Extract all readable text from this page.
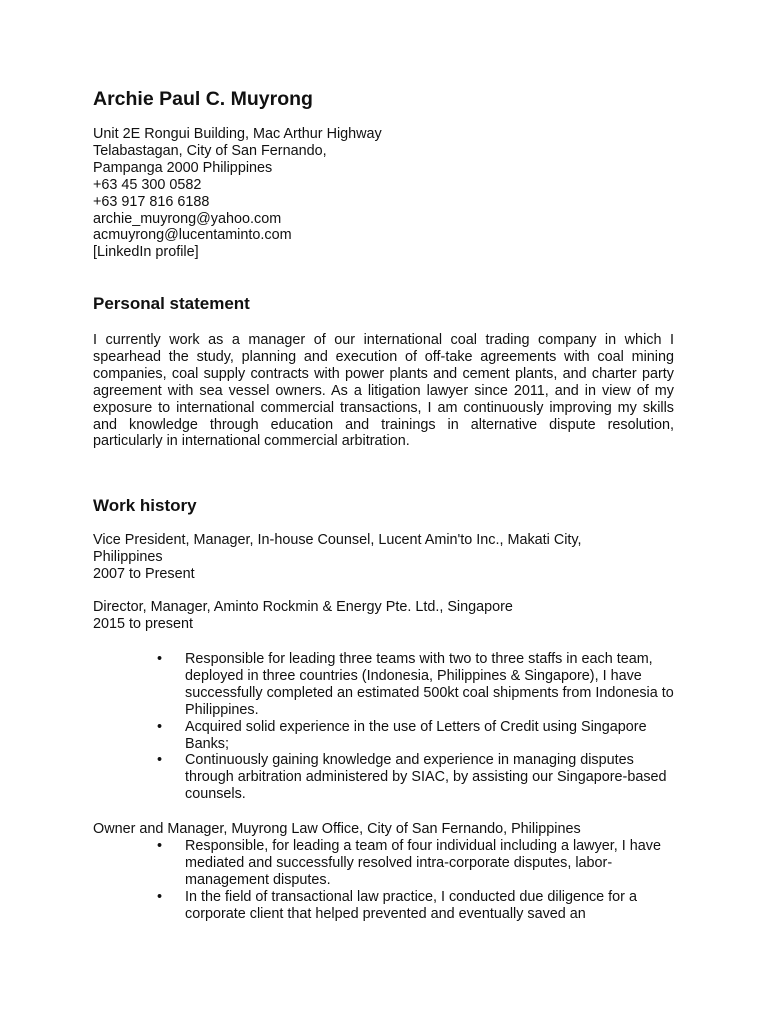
Archie Paul C. Muyrong
Unit 2E Rongui Building, Mac Arthur Highway
Telabastagan, City of San Fernando,
Pampanga 2000 Philippines
+63 45 300 0582
+63 917 816 6188
archie_muyrong@yahoo.com
acmuyrong@lucentaminto.com
[LinkedIn profile]
Personal statement

I currently work as a manager of our international coal trading company in which I spearhead the study, planning and execution of off-take agreements with coal mining companies, coal supply contracts with power plants and cement plants, and charter party agreement with sea vessel owners. As a litigation lawyer since 2011, and in view of my exposure to international commercial transactions, I am continuously improving my skills and knowledge through education and trainings in alternative dispute resolution, particularly in international commercial arbitration.

Work history
Vice President, Manager, In-house Counsel, Lucent Amin'to Inc., Makati City,
Philippines
2007 to Present
Director, Manager, Aminto Rockmin & Energy Pte. Ltd., Singapore
2015 to present
•	Responsible for leading three teams with two to three staffs in each team, deployed in three countries (Indonesia, Philippines & Singapore), I have successfully completed an estimated 500kt coal shipments from Indonesia to Philippines.
•	Acquired solid experience in the use of Letters of Credit using Singapore Banks;
•	Continuously gaining knowledge and experience in managing disputes through arbitration administered by SIAC, by assisting our Singapore-based counsels.
Owner and Manager, Muyrong Law Office, City of San Fernando, Philippines
•	Responsible, for leading a team of four individual including a lawyer, I have mediated and successfully resolved intra-corporate disputes, labor-management disputes.
•	In the field of transactional law practice, I conducted due diligence for a corporate client that helped prevented and eventually saved an
